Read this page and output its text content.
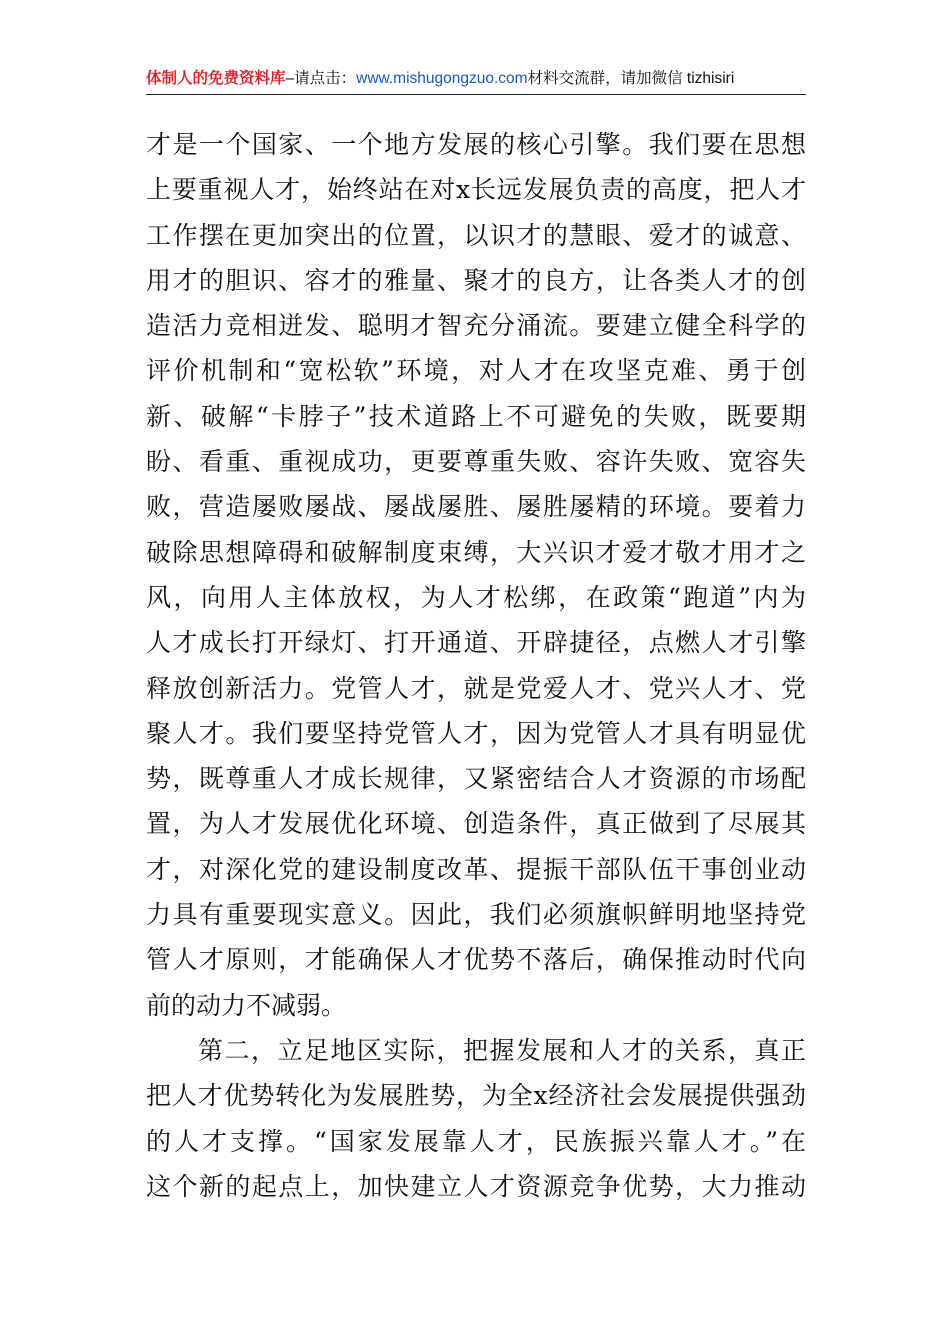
体制人的免费资料库–请点击：www.mishugongzuo.com材料交流群，请加微信 tizhisiri
才是一个国家、一个地方发展的核心引擎。我们要在思想
上要重视人才，始终站在对x长远发展负责的高度，把人才
工作摆在更加突出的位置，以识才的慧眼、爱才的诚意、
用才的胆识、容才的雅量、聚才的良方，让各类人才的创
造活力竞相迸发、聪明才智充分涌流。要建立健全科学的
评价机制和“宽松软”环境，对人才在攻坚克难、勇于创
新、破解“卡脖子”技术道路上不可避免的失败，既要期
盼、看重、重视成功，更要尊重失败、容许失败、宽容失
败，营造屡败屡战、屡战屡胜、屡胜屡精的环境。要着力
破除思想障碍和破解制度束缚，大兴识才爱才敬才用才之
风，向用人主体放权，为人才松绑，在政策“跑道”内为
人才成长打开绿灯、打开通道、开辟捷径，点燃人才引擎
释放创新活力。党管人才，就是党爱人才、党兴人才、党
聚人才。我们要坚持党管人才，因为党管人才具有明显优
势，既尊重人才成长规律，又紧密结合人才资源的市场配
置，为人才发展优化环境、创造条件，真正做到了尽展其
才，对深化党的建设制度改革、提振干部队伍干事创业动
力具有重要现实意义。因此，我们必须旗帜鲜明地坚持党
管人才原则，才能确保人才优势不落后，确保推动时代向
前的动力不减弱。
第二，立足地区实际，把握发展和人才的关系，真正
把人才优势转化为发展胜势，为全x经济社会发展提供强劲
的人才支撑。“国家发展靠人才，民族振兴靠人才。”在
这个新的起点上，加快建立人才资源竞争优势，大力推动
